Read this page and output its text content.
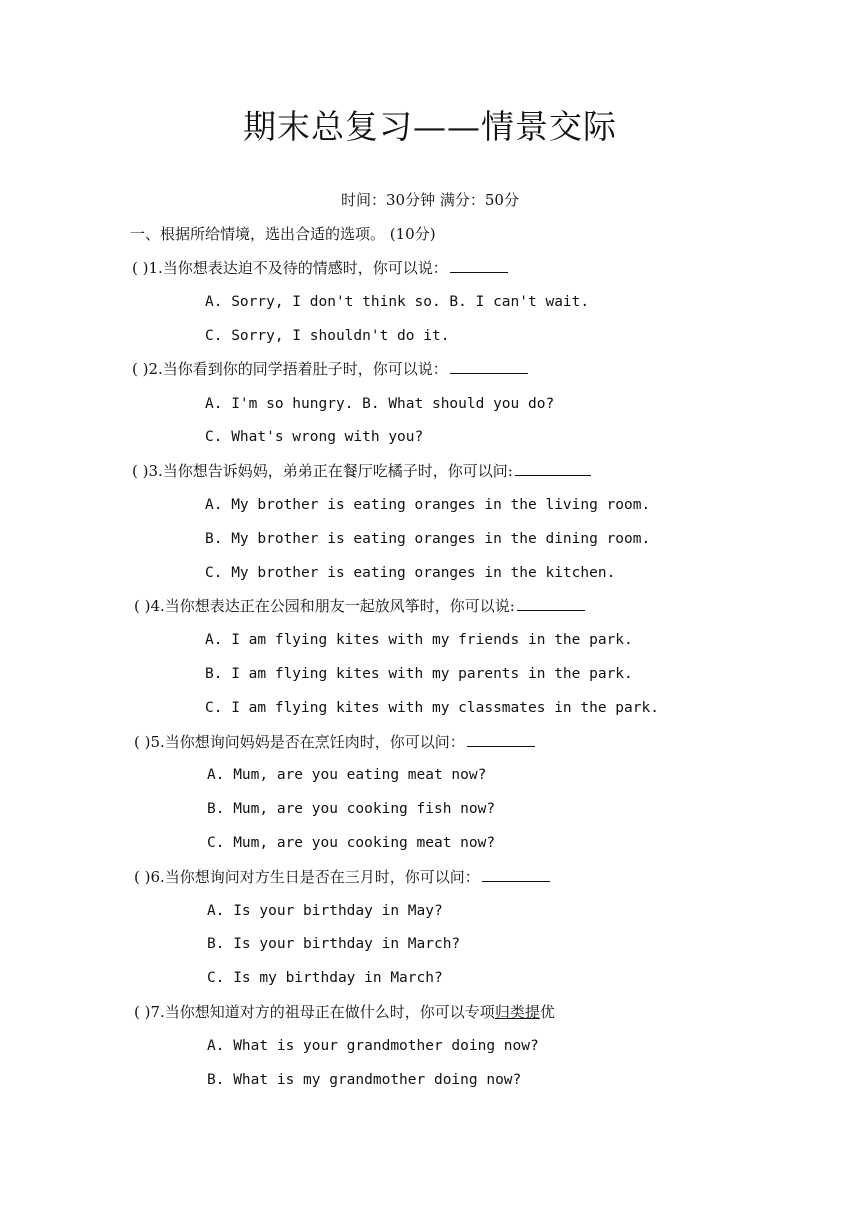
期末总复习——情景交际
时间：30分钟 满分：50分
一、根据所给情境，选出合适的选项。 (10分)
( )1.当你想表达迫不及待的情感时，你可以说：
A. Sorry, I don't think so. B. I can't wait.
C. Sorry, I shouldn't do it.
( )2.当你看到你的同学捂着肚子时，你可以说：
A. I'm so hungry. B. What should you do?
C. What's wrong with you?
( )3.当你想告诉妈妈，弟弟正在餐厅吃橘子时，你可以问:
A. My brother is eating oranges in the living room.
B. My brother is eating oranges in the dining room.
C. My brother is eating oranges in the kitchen.
( )4.当你想表达正在公园和朋友一起放风筝时，你可以说:
A. I am flying kites with my friends in the park.
B. I am flying kites with my parents in the park.
C. I am flying kites with my classmates in the park.
( )5.当你想询问妈妈是否在烹饪肉时，你可以问：
A. Mum, are you eating meat now?
B. Mum, are you cooking fish now?
C. Mum, are you cooking meat now?
( )6.当你想询问对方生日是否在三月时，你可以问：
A. Is your birthday in May?
B. Is your birthday in March?
C. Is my birthday in March?
( )7.当你想知道对方的祖母正在做什么时，你可以专项归类提优
A. What is your grandmother doing now?
B. What is my grandmother doing now?
